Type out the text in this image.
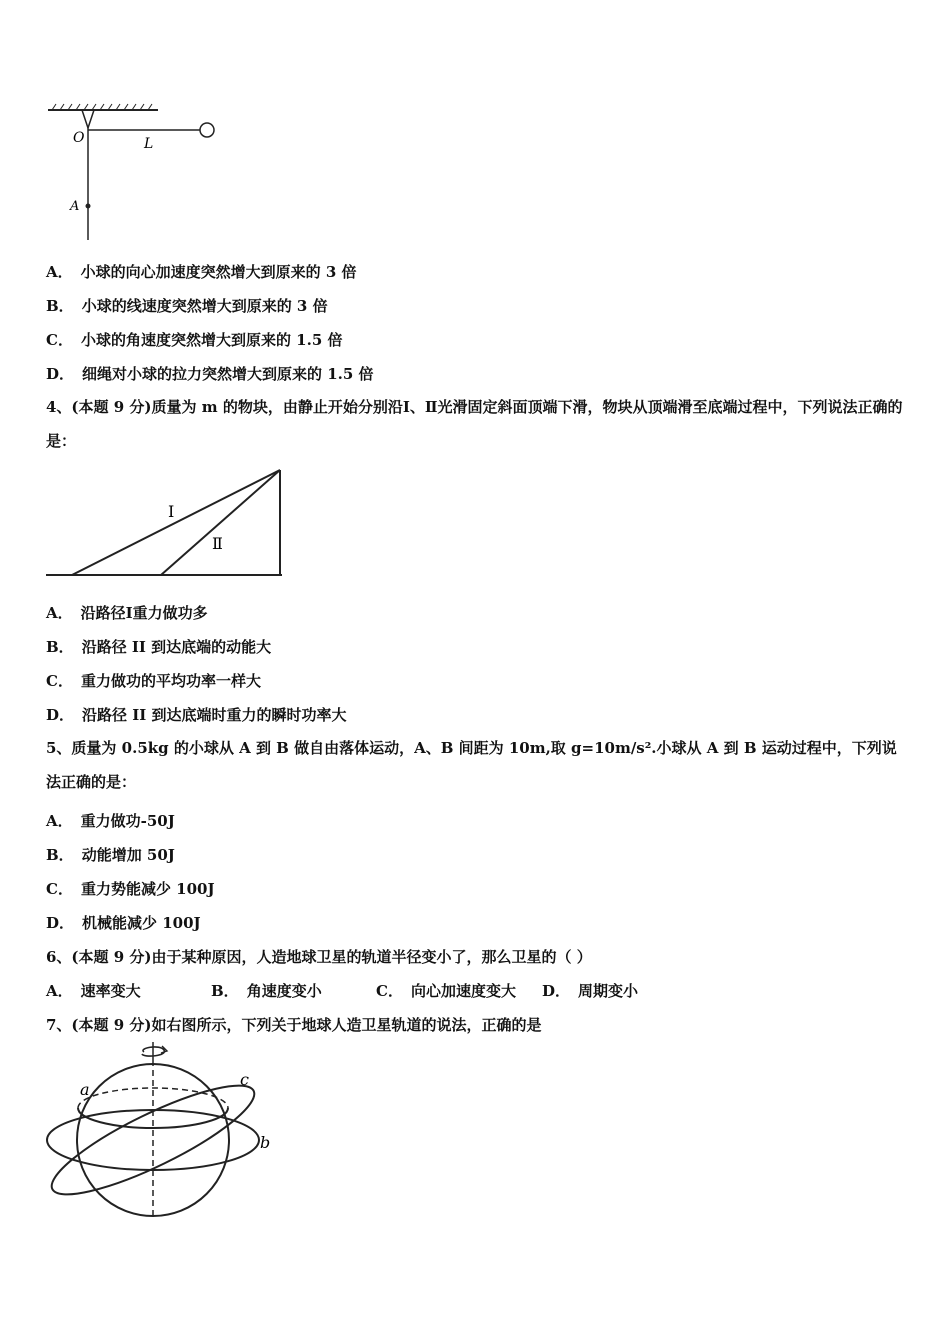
O	L
A
A． 小球的向心加速度突然增大到原来的 3 倍
B． 小球的线速度突然增大到原来的 3 倍
C． 小球的角速度突然增大到原来的 1.5 倍
D． 细绳对小球的拉力突然增大到原来的 1.5 倍
4、(本题 9 分)质量为 m 的物块，由静止开始分别沿Ⅰ、Ⅱ光滑固定斜面顶端下滑，物块从顶端滑至底端过程中，下列说法正确的是：
Ⅰ
Ⅱ
A． 沿路径Ⅰ重力做功多
B． 沿路径 II 到达底端的动能大
C． 重力做功的平均功率一样大
D． 沿路径 II 到达底端时重力的瞬时功率大
5、质量为 0.5kg 的小球从 A 到 B 做自由落体运动，A、B 间距为 10m,取 g=10m/s².小球从 A 到 B 运动过程中，下列说法正确的是：
A． 重力做功-50J
B． 动能增加 50J
C． 重力势能减少 100J
D． 机械能减少 100J
6、(本题 9 分)由于某种原因，人造地球卫星的轨道半径变小了，那么卫星的（ ）
A． 速率变大	B． 角速度变小	C． 向心加速度变大 D． 周期变小
7、(本题 9 分)如右图所示，下列关于地球人造卫星轨道的说法，正确的是
a
b
c
